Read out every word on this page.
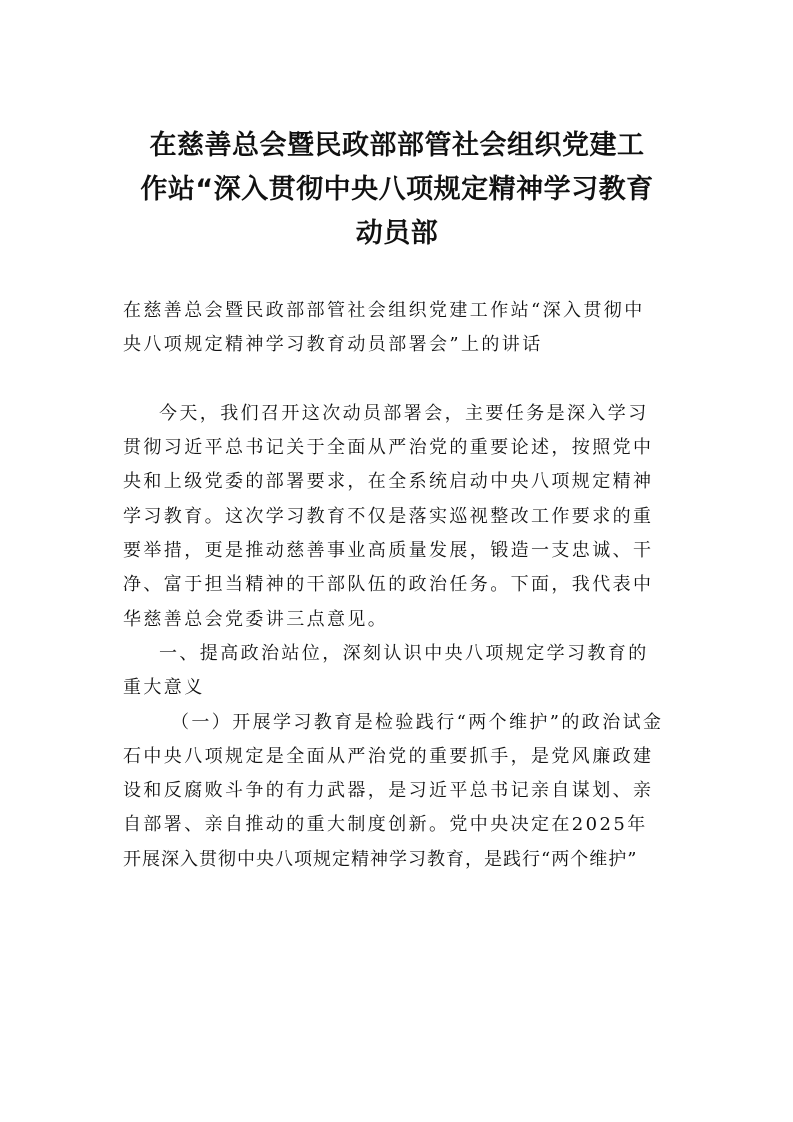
在慈善总会暨民政部部管社会组织党建工
作站“深入贯彻中央八项规定精神学习教育
动员部
在慈善总会暨民政部部管社会组织党建工作站“深入贯彻中
央八项规定精神学习教育动员部署会”上的讲话
今天，我们召开这次动员部署会，主要任务是深入学习
贯彻习近平总书记关于全面从严治党的重要论述，按照党中
央和上级党委的部署要求，在全系统启动中央八项规定精神
学习教育。这次学习教育不仅是落实巡视整改工作要求的重
要举措，更是推动慈善事业高质量发展，锻造一支忠诚、干
净、富于担当精神的干部队伍的政治任务。下面，我代表中
华慈善总会党委讲三点意见。
一、提高政治站位，深刻认识中央八项规定学习教育的
重大意义
（一）开展学习教育是检验践行“两个维护”的政治试金
石中央八项规定是全面从严治党的重要抓手，是党风廉政建
设和反腐败斗争的有力武器，是习近平总书记亲自谋划、亲
自部署、亲自推动的重大制度创新。党中央决定在2025年
开展深入贯彻中央八项规定精神学习教育，是践行“两个维护”
